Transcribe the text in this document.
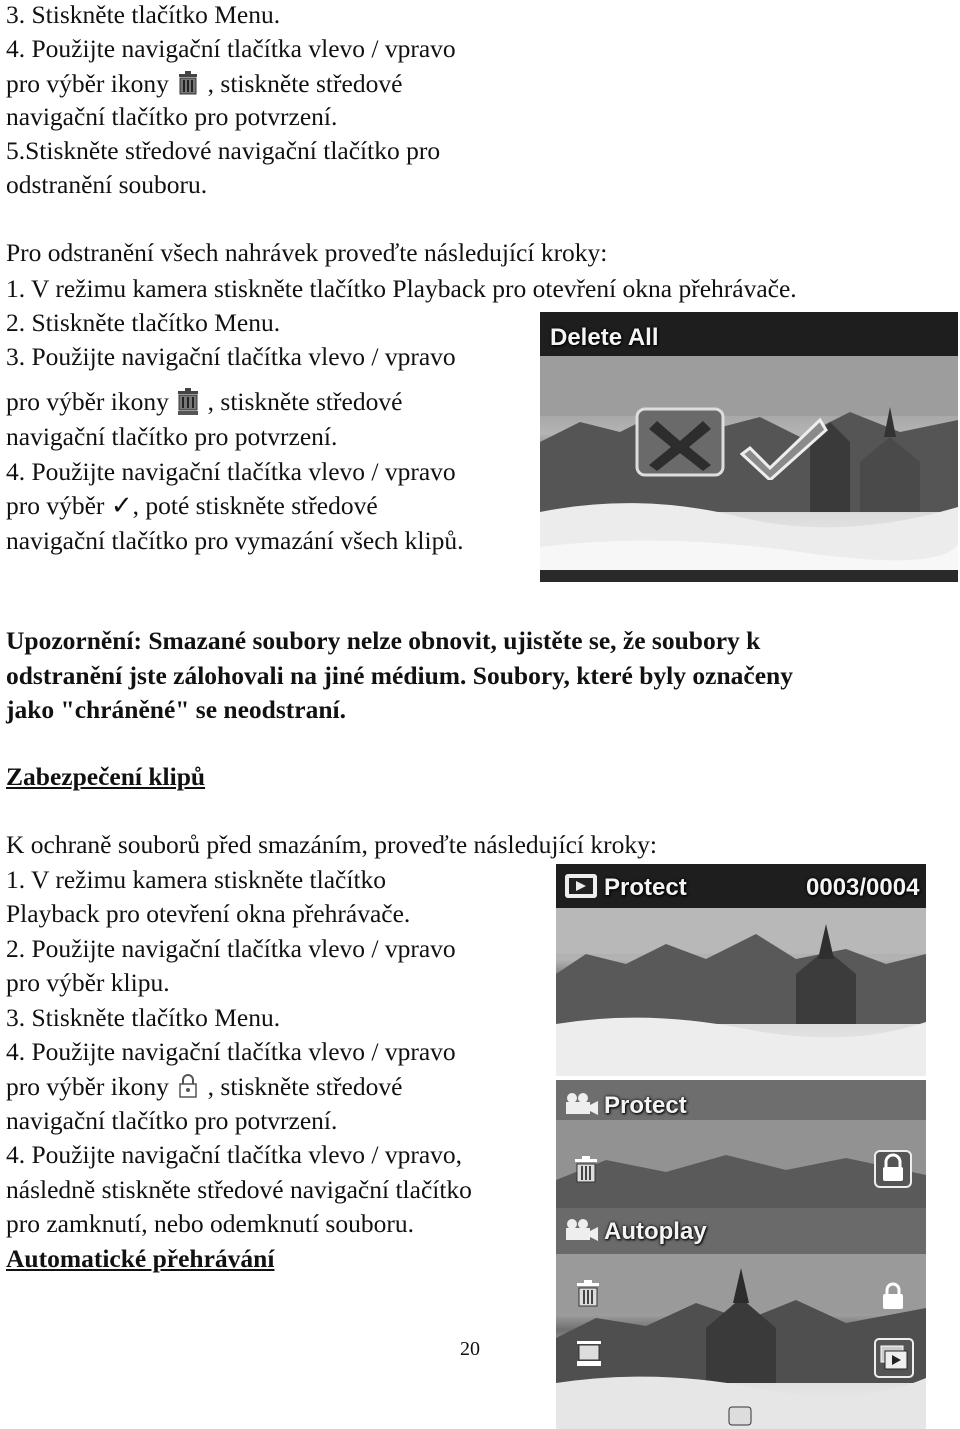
3. Stiskněte tlačítko Menu.
4. Použijte navigační tlačítka vlevo / vpravo
pro výběr ikony , stiskněte středové
navigační tlačítko pro potvrzení.
5.Stiskněte středové navigační tlačítko pro
odstranění souboru.
Pro odstranění všech nahrávek proveďte následující kroky:
1. V režimu kamera stiskněte tlačítko Playback pro otevření okna přehrávače.
2. Stiskněte tlačítko Menu.
3. Použijte navigační tlačítka vlevo / vpravo
pro výběr ikony , stiskněte středové
navigační tlačítko pro potvrzení.
4. Použijte navigační tlačítka vlevo / vpravo
pro výběr ✓, poté stiskněte středové
navigační tlačítko pro vymazání všech klipů.
Delete All
Upozornění: Smazané soubory nelze obnovit, ujistěte se, že soubory k
odstranění jste zálohovali na jiné médium. Soubory, které byly označeny
jako "chráněné" se neodstraní.
Zabezpečení klipů
K ochraně souborů před smazáním, proveďte následující kroky:
1. V režimu kamera stiskněte tlačítko
Playback pro otevření okna přehrávače.
2. Použijte navigační tlačítka vlevo / vpravo
pro výběr klipu.
3. Stiskněte tlačítko Menu.
4. Použijte navigační tlačítka vlevo / vpravo
pro výběr ikony , stiskněte středové
navigační tlačítko pro potvrzení.
4. Použijte navigační tlačítka vlevo / vpravo,
následně stiskněte středové navigační tlačítko
pro zamknutí, nebo odemknutí souboru.
Automatické přehrávání
Protect	0003/0004
Protect
Autoplay
20
